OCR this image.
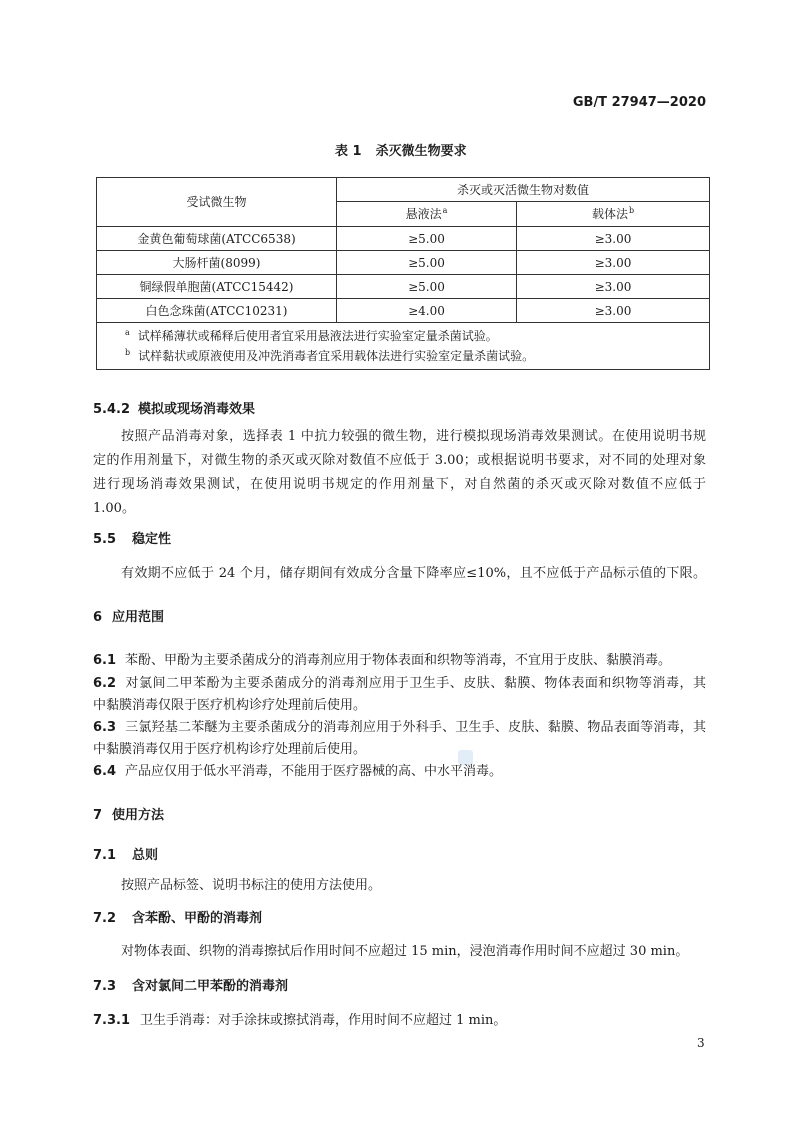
GB/T 27947—2020
表 1 杀灭微生物要求
受试微生物	杀灭或灭活微生物对数值	
	悬液法$^a$	载体法$^b$
金黄色葡萄球菌(ATCC6538)	≥5.00	≥3.00
大肠杆菌(8099)	≥5.00	≥3.00
铜绿假单胞菌(ATCC15442)	≥5.00	≥3.00
白色念珠菌(ATCC10231)	≥4.00	≥3.00

$^a$ 试样稀薄状或稀释后使用者宜采用悬液法进行实验室定量杀菌试验。
$^b$ 试样黏状或原液使用及冲洗消毒者宜采用载体法进行实验室定量杀菌试验。		
5.4.2 模拟或现场消毒效果
按照产品消毒对象，选择表 1 中抗力较强的微生物，进行模拟现场消毒效果测试。在使用说明书规
定的作用剂量下，对微生物的杀灭或灭除对数值不应低于 3.00；或根据说明书要求，对不同的处理对象
进行现场消毒效果测试，在使用说明书规定的作用剂量下，对自然菌的杀灭或灭除对数值不应低于
1.00。
5.5 稳定性
有效期不应低于 24 个月，储存期间有效成分含量下降率应≤10%，且不应低于产品标示值的下限。
6 应用范围
6.1 苯酚、甲酚为主要杀菌成分的消毒剂应用于物体表面和织物等消毒，不宜用于皮肤、黏膜消毒。
6.2 对氯间二甲苯酚为主要杀菌成分的消毒剂应用于卫生手、皮肤、黏膜、物体表面和织物等消毒，其
中黏膜消毒仅限于医疗机构诊疗处理前后使用。
6.3 三氯羟基二苯醚为主要杀菌成分的消毒剂应用于外科手、卫生手、皮肤、黏膜、物品表面等消毒，其
中黏膜消毒仅用于医疗机构诊疗处理前后使用。
6.4 产品应仅用于低水平消毒，不能用于医疗器械的高、中水平消毒。
7 使用方法
7.1 总则
按照产品标签、说明书标注的使用方法使用。
7.2 含苯酚、甲酚的消毒剂
对物体表面、织物的消毒擦拭后作用时间不应超过 15 min，浸泡消毒作用时间不应超过 30 min。
7.3 含对氯间二甲苯酚的消毒剂
7.3.1 卫生手消毒：对手涂抹或擦拭消毒，作用时间不应超过 1 min。
3
